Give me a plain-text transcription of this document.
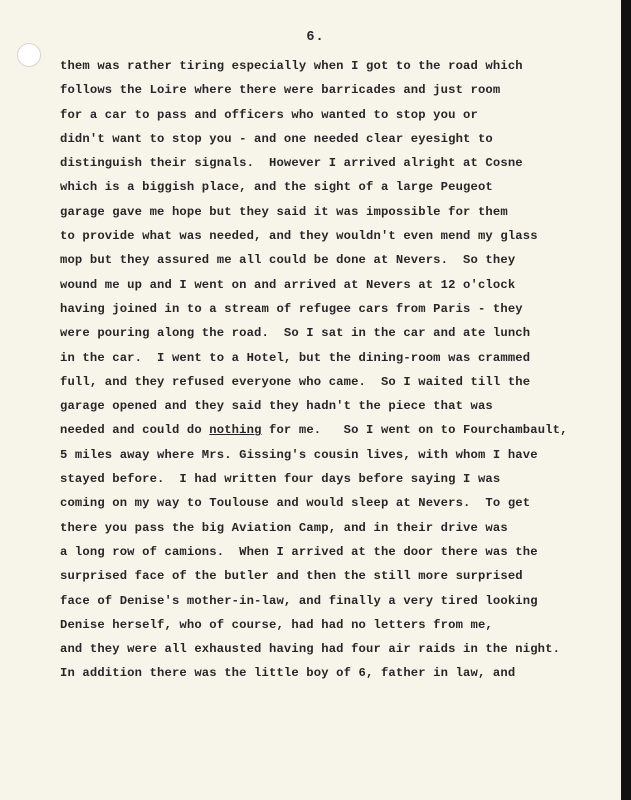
6.
them was rather tiring especially when I got to the road which
follows the Loire where there were barricades and just room
for a car to pass and officers who wanted to stop you or
didn't want to stop you - and one needed clear eyesight to
distinguish their signals.  However I arrived alright at Cosne
which is a biggish place, and the sight of a large Peugeot
garage gave me hope but they said it was impossible for them
to provide what was needed, and they wouldn't even mend my glass
mop but they assured me all could be done at Nevers.  So they
wound me up and I went on and arrived at Nevers at 12 o'clock
having joined in to a stream of refugee cars from Paris - they
were pouring along the road.  So I sat in the car and ate lunch
in the car.  I went to a Hotel, but the dining-room was crammed
full, and they refused everyone who came.  So I waited till the
garage opened and they said they hadn't the piece that was
needed and could do nothing for me.   So I went on to Fourchambault,
5 miles away where Mrs. Gissing's cousin lives, with whom I have
stayed before.  I had written four days before saying I was
coming on my way to Toulouse and would sleep at Nevers.  To get
there you pass the big Aviation Camp, and in their drive was
a long row of camions.  When I arrived at the door there was the
surprised face of the butler and then the still more surprised
face of Denise's mother-in-law, and finally a very tired looking
Denise herself, who of course, had had no letters from me,
and they were all exhausted having had four air raids in the night.
In addition there was the little boy of 6, father in law, and
